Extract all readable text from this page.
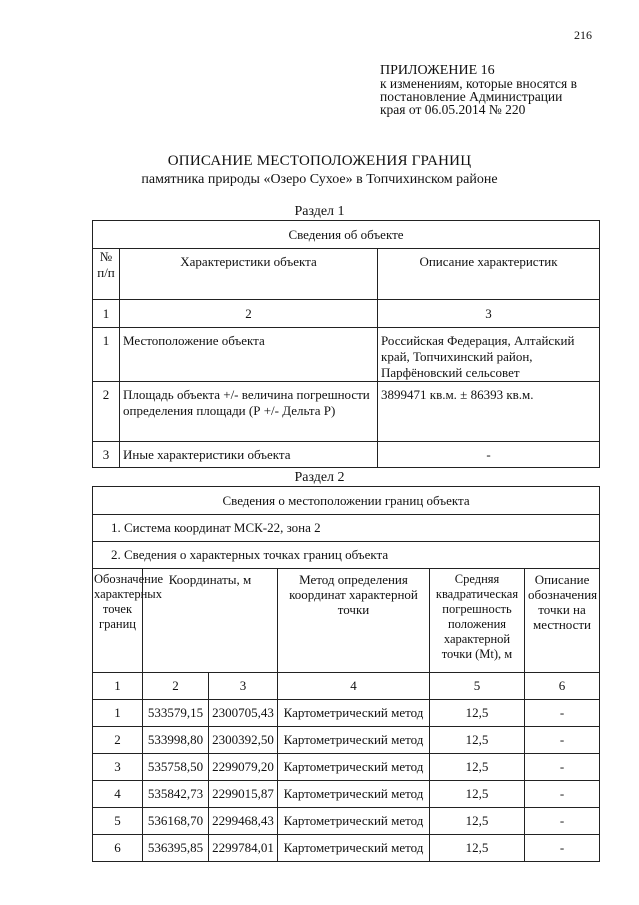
216
ПРИЛОЖЕНИЕ 16
к изменениям, которые вносятся в
постановление Администрации
края от 06.05.2014 № 220
ОПИСАНИЕ МЕСТОПОЛОЖЕНИЯ ГРАНИЦ
памятника природы «Озеро Сухое» в Топчихинском районе
Раздел 1
Сведения об объекте		
№
п/п	Характеристики объекта	Описание характеристик
1	2	3
1	Местоположение объекта	Российская Федерация, Алтайский край, Топчихинский район, Парфёновский сельсовет
2	Площадь объекта +/- величина погрешности определения площади (Р +/- Дельта Р)	3899471 кв.м. ± 86393 кв.м.
3	Иные характеристики объекта	-
Раздел 2
Сведения о местоположении границ объекта					
1. Система координат МСК-22, зона 2					
2. Сведения о характерных точках границ объекта					
Обозначение характерных точек границ	Координаты, м		Метод определения координат характерной точки	Средняя квадратическая погрешность положения характерной точки (Mt), м	Описание обозначения точки на местности
1	2	3	4	5	6
1	533579,15	2300705,43	Картометрический метод	12,5	-
2	533998,80	2300392,50	Картометрический метод	12,5	-
3	535758,50	2299079,20	Картометрический метод	12,5	-
4	535842,73	2299015,87	Картометрический метод	12,5	-
5	536168,70	2299468,43	Картометрический метод	12,5	-
6	536395,85	2299784,01	Картометрический метод	12,5	-
